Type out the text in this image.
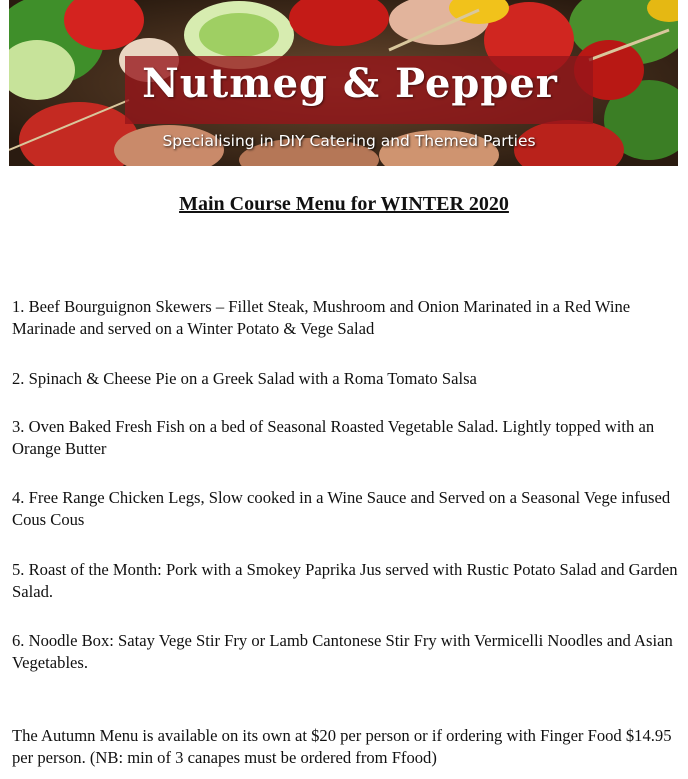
Nutmeg & Pepper
Specialising in DIY Catering and Themed Parties
Main Course Menu for WINTER 2020

1. Beef Bourguignon Skewers – Fillet Steak, Mushroom and Onion Marinated in a Red Wine Marinade and served on a Winter Potato & Vege Salad

2. Spinach & Cheese Pie on a Greek Salad with a Roma Tomato Salsa

3. Oven Baked Fresh Fish on a bed of Seasonal Roasted Vegetable Salad. Lightly topped with an Orange Butter

4. Free Range Chicken Legs, Slow cooked in a Wine Sauce and Served on a Seasonal Vege infused Cous Cous

5. Roast of the Month: Pork with a Smokey Paprika Jus served with Rustic Potato Salad and Garden Salad.

6. Noodle Box: Satay Vege Stir Fry or Lamb Cantonese Stir Fry with Vermicelli Noodles and Asian Vegetables.

The Autumn Menu is available on its own at $20 per person or if ordering with Finger Food $14.95 per person. (NB: min of 3 canapes must be ordered from Ffood)
